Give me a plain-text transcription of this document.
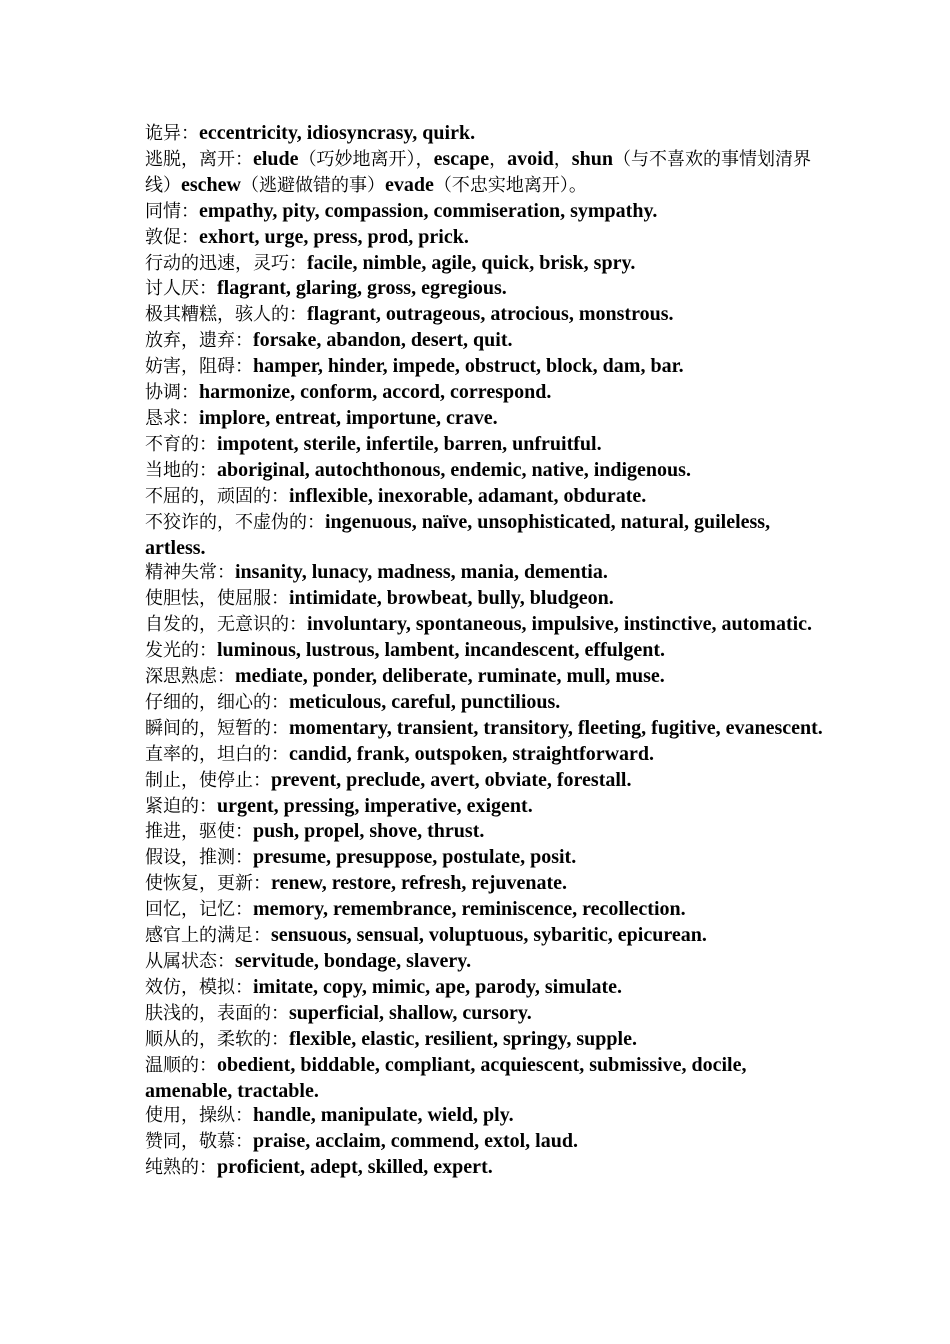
诡异：eccentricity, idiosyncrasy, quirk.

逃脱，离开：elude（巧妙地离开），escape，avoid，shun（与不喜欢的事情划清界线）eschew（逃避做错的事）evade（不忠实地离开）。

同情：empathy, pity, compassion, commiseration, sympathy.

敦促：exhort, urge, press, prod, prick.

行动的迅速，灵巧：facile, nimble, agile, quick, brisk, spry.

讨人厌：flagrant, glaring, gross, egregious.

极其糟糕，骇人的：flagrant, outrageous, atrocious, monstrous.

放弃，遗弃：forsake, abandon, desert, quit.

妨害，阻碍：hamper, hinder, impede, obstruct, block, dam, bar.

协调：harmonize, conform, accord, correspond.

恳求：implore, entreat, importune, crave.

不育的：impotent, sterile, infertile, barren, unfruitful.

当地的：aboriginal, autochthonous, endemic, native, indigenous.

不屈的，顽固的：inflexible, inexorable, adamant, obdurate.

不狡诈的，不虚伪的：ingenuous, naïve, unsophisticated, natural, guileless, artless.

精神失常：insanity, lunacy, madness, mania, dementia.

使胆怯，使屈服：intimidate, browbeat, bully, bludgeon.

自发的，无意识的：involuntary, spontaneous, impulsive, instinctive, automatic.

发光的：luminous, lustrous, lambent, incandescent, effulgent.

深思熟虑：mediate, ponder, deliberate, ruminate, mull, muse.

仔细的，细心的：meticulous, careful, punctilious.

瞬间的，短暂的：momentary, transient, transitory, fleeting, fugitive, evanescent.

直率的，坦白的：candid, frank, outspoken, straightforward.

制止，使停止：prevent, preclude, avert, obviate, forestall.

紧迫的：urgent, pressing, imperative, exigent.

推进，驱使：push, propel, shove, thrust.

假设，推测：presume, presuppose, postulate, posit.

使恢复，更新：renew, restore, refresh, rejuvenate.

回忆，记忆：memory, remembrance, reminiscence, recollection.

感官上的满足：sensuous, sensual, voluptuous, sybaritic, epicurean.

从属状态：servitude, bondage, slavery.

效仿，模拟：imitate, copy, mimic, ape, parody, simulate.

肤浅的，表面的：superficial, shallow, cursory.

顺从的，柔软的：flexible, elastic, resilient, springy, supple.

温顺的：obedient, biddable, compliant, acquiescent, submissive, docile, amenable, tractable.

使用，操纵：handle, manipulate, wield, ply.

赞同，敬慕：praise, acclaim, commend, extol, laud.

纯熟的：proficient, adept, skilled, expert.
